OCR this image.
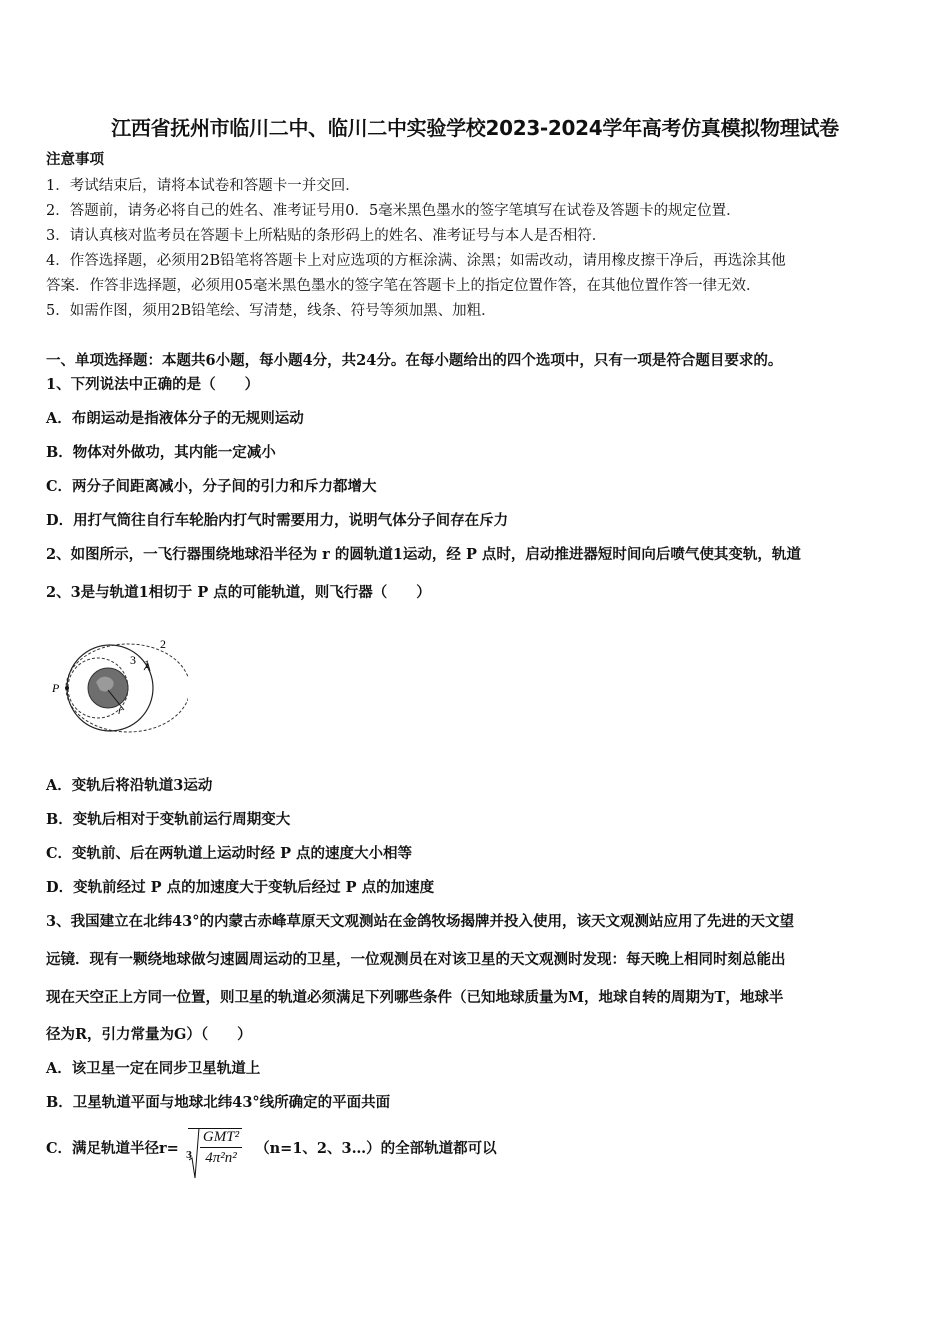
江西省抚州市临川二中、临川二中实验学校2023-2024学年高考仿真模拟物理试卷
注意事项
1．考试结束后，请将本试卷和答题卡一并交回．
2．答题前，请务必将自己的姓名、准考证号用0．5毫米黑色墨水的签字笔填写在试卷及答题卡的规定位置．
3．请认真核对监考员在答题卡上所粘贴的条形码上的姓名、准考证号与本人是否相符．
4．作答选择题，必须用2B铅笔将答题卡上对应选项的方框涂满、涂黑；如需改动，请用橡皮擦干净后，再选涂其他
答案．作答非选择题，必须用05毫米黑色墨水的签字笔在答题卡上的指定位置作答，在其他位置作答一律无效．
5．如需作图，须用2B铅笔绘、写清楚，线条、符号等须加黑、加粗．
一、单项选择题：本题共6小题，每小题4分，共24分。在每小题给出的四个选项中，只有一项是符合题目要求的。
1、下列说法中正确的是（　　）
A．布朗运动是指液体分子的无规则运动
B．物体对外做功，其内能一定减小
C．两分子间距离减小，分子间的引力和斥力都增大
D．用打气筒往自行车轮胎内打气时需要用力，说明气体分子间存在斥力
2、如图所示，一飞行器围绕地球沿半径为 r 的圆轨道1运动，经 P 点时，启动推进器短时间向后喷气使其变轨，轨道
2、3是与轨道1相切于 P 点的可能轨道，则飞行器（　　）
P
1
2
3
r
A．变轨后将沿轨道3运动
B．变轨后相对于变轨前运行周期变大
C．变轨前、后在两轨道上运动时经 P 点的速度大小相等
D．变轨前经过 P 点的加速度大于变轨后经过 P 点的加速度
3、我国建立在北纬43°的内蒙古赤峰草原天文观测站在金鸽牧场揭牌并投入使用，该天文观测站应用了先进的天文望
远镜．现有一颗绕地球做匀速圆周运动的卫星，一位观测员在对该卫星的天文观测时发现：每天晚上相同时刻总能出
现在天空正上方同一位置，则卫星的轨道必须满足下列哪些条件（已知地球质量为M，地球自转的周期为T，地球半
径为R，引力常量为G）（　　）
A．该卫星一定在同步卫星轨道上
B．卫星轨道平面与地球北纬43°线所确定的平面共面
C．满足轨道半径$r= 3 \frac{\text{GMT²}}{\text{4π²n²}} (n=1$、2、3…）的全部轨道都可以
